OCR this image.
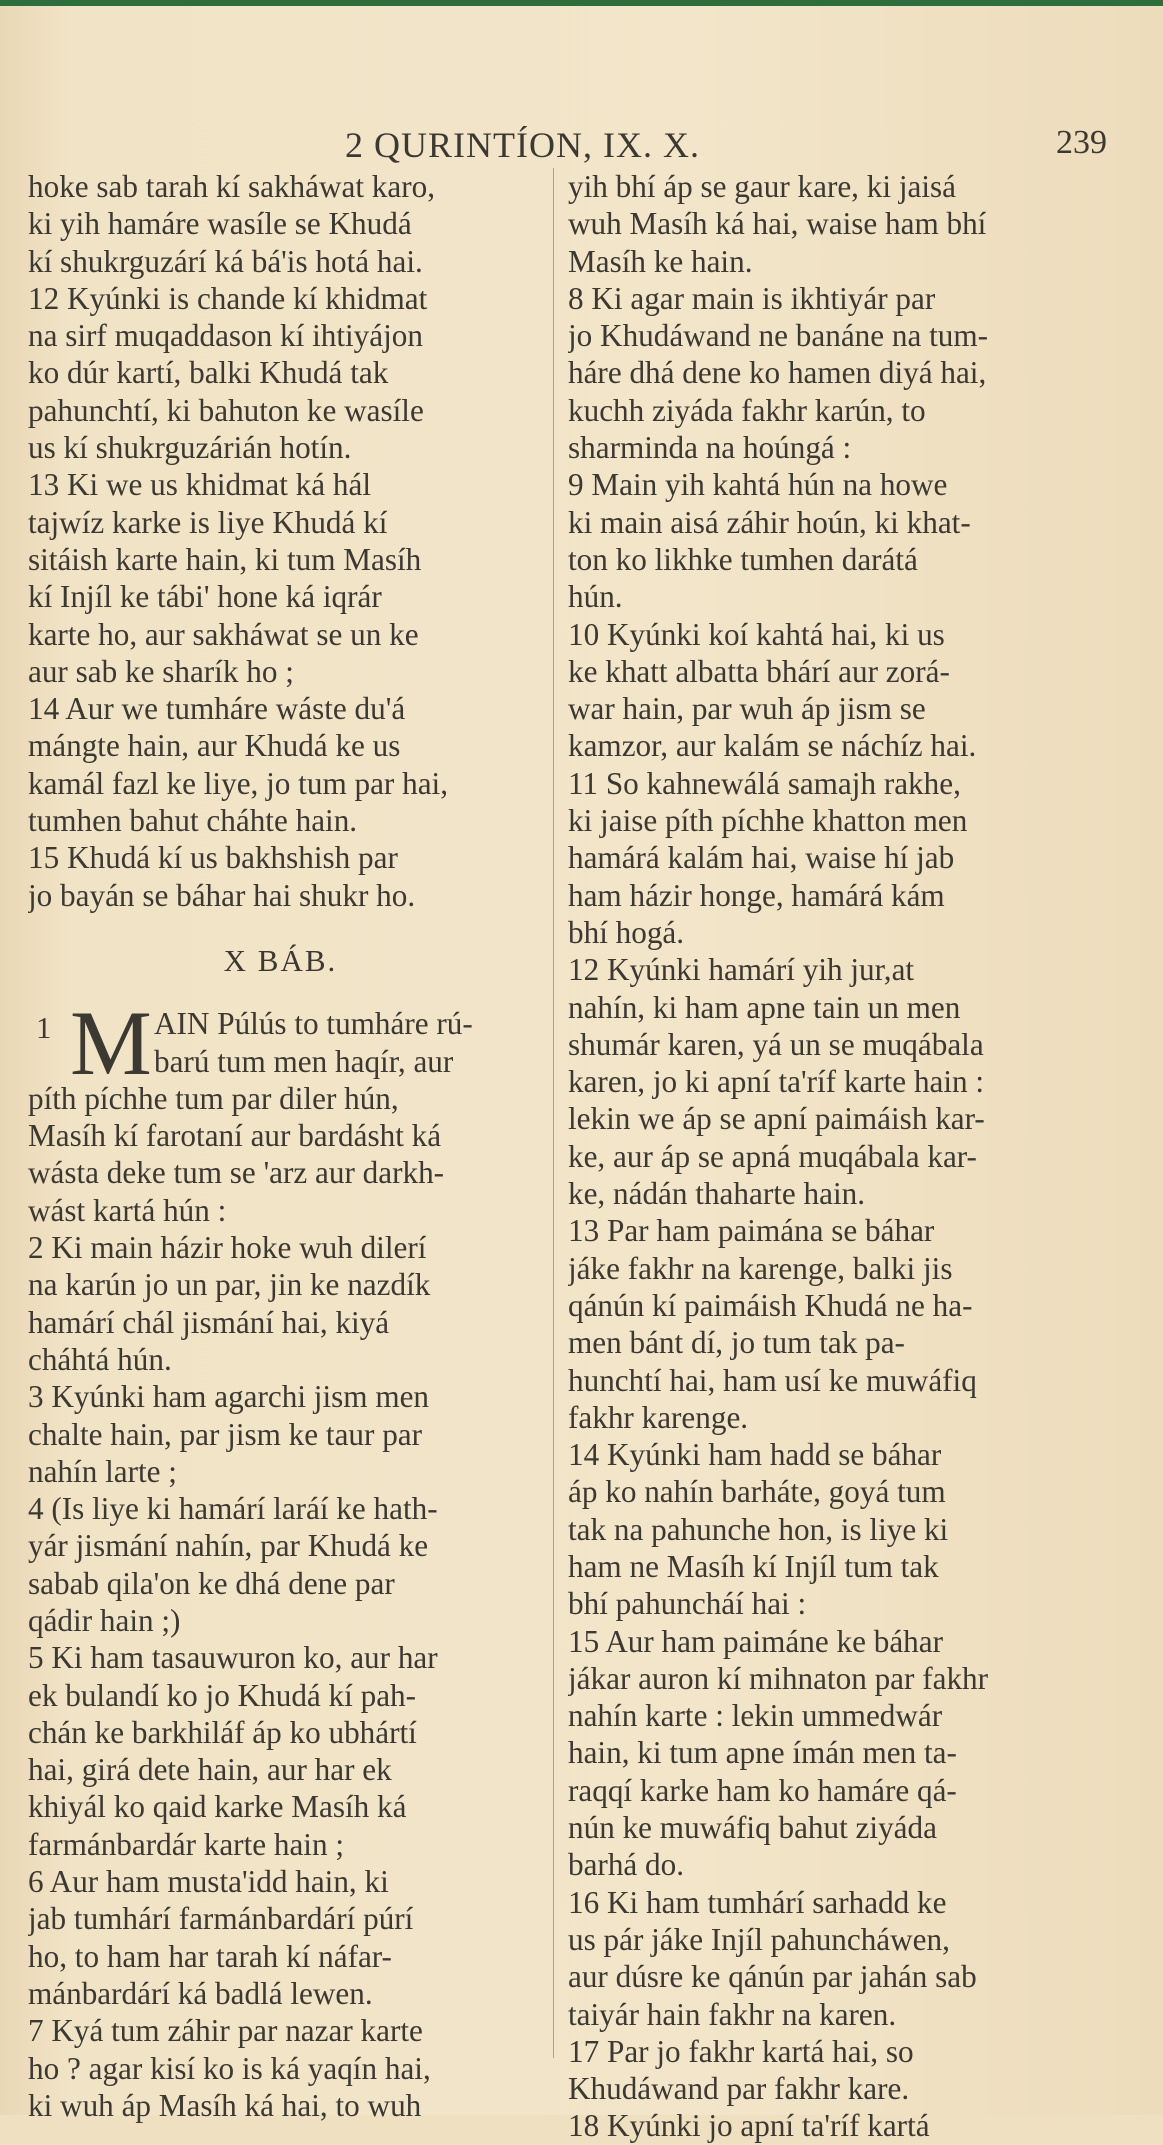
2 QURINTÍON, IX. X.	239
hoke sab tarah kí sakháwat karo,
ki yih hamáre wasíle se Khudá
kí shukrguzárí ká bá'is hotá hai.
12 Kyúnki is chande kí khidmat
na sirf muqaddason kí ihtiyájon
ko dúr kartí, balki Khudá tak
pahunchtí, ki bahuton ke wasíle
us kí shukrguzárián hotín.
13 Ki we us khidmat ká hál
tajwíz karke is liye Khudá kí
sitáish karte hain, ki tum Masíh
kí Injíl ke tábi' hone ká iqrár
karte ho, aur sakháwat se un ke
aur sab ke sharík ho ;
14 Aur we tumháre wáste du'á
mángte hain, aur Khudá ke us
kamál fazl ke liye, jo tum par hai,
tumhen bahut cháhte hain.
15 Khudá kí us bakhshish par
jo bayán se báhar hai shukr ho.
X BÁB.
1 M AIN Púlús to tumháre rú-
barú tum men haqír, aur
píth píchhe tum par diler hún,
Masíh kí farotaní aur bardásht ká
wásta deke tum se 'arz aur darkh-
wást kartá hún :
2 Ki main házir hoke wuh dilerí
na karún jo un par, jin ke nazdík
hamárí chál jismání hai, kiyá
cháhtá hún.
3 Kyúnki ham agarchi jism men
chalte hain, par jism ke taur par
nahín larte ;
4 (Is liye ki hamárí laráí ke hath-
yár jismání nahín, par Khudá ke
sabab qila'on ke dhá dene par
qádir hain ;)
5 Ki ham tasauwuron ko, aur har
ek bulandí ko jo Khudá kí pah-
chán ke barkhiláf áp ko ubhártí
hai, girá dete hain, aur har ek
khiyál ko qaid karke Masíh ká
farmánbardár karte hain ;
6 Aur ham musta'idd hain, ki
jab tumhárí farmánbardárí púrí
ho, to ham har tarah kí náfar-
mánbardárí ká badlá lewen.
7 Kyá tum záhir par nazar karte
ho ? agar kisí ko is ká yaqín hai,
ki wuh áp Masíh ká hai, to wuh
yih bhí áp se gaur kare, ki jaisá
wuh Masíh ká hai, waise ham bhí
Masíh ke hain.
8 Ki agar main is ikhtiyár par
jo Khudáwand ne banáne na tum-
háre dhá dene ko hamen diyá hai,
kuchh ziyáda fakhr karún, to
sharminda na hoúngá :
9 Main yih kahtá hún na howe
ki main aisá záhir hoún, ki khat-
ton ko likhke tumhen darátá
hún.
10 Kyúnki koí kahtá hai, ki us
ke khatt albatta bhárí aur zorá-
war hain, par wuh áp jism se
kamzor, aur kalám se náchíz hai.
11 So kahnewálá samajh rakhe,
ki jaise píth píchhe khatton men
hamárá kalám hai, waise hí jab
ham házir honge, hamárá kám
bhí hogá.
12 Kyúnki hamárí yih jur,at
nahín, ki ham apne tain un men
shumár karen, yá un se muqábala
karen, jo ki apní ta'ríf karte hain :
lekin we áp se apní paimáish kar-
ke, aur áp se apná muqábala kar-
ke, nádán thaharte hain.
13 Par ham paimána se báhar
jáke fakhr na karenge, balki jis
qánún kí paimáish Khudá ne ha-
men bánt dí, jo tum tak pa-
hunchtí hai, ham usí ke muwáfiq
fakhr karenge.
14 Kyúnki ham hadd se báhar
áp ko nahín barháte, goyá tum
tak na pahunche hon, is liye ki
ham ne Masíh kí Injíl tum tak
bhí pahuncháí hai :
15 Aur ham paimáne ke báhar
jákar auron kí mihnaton par fakhr
nahín karte : lekin ummedwár
hain, ki tum apne ímán men ta-
raqqí karke ham ko hamáre qá-
nún ke muwáfiq bahut ziyáda
barhá do.
16 Ki ham tumhárí sarhadd ke
us pár jáke Injíl pahuncháwen,
aur dúsre ke qánún par jahán sab
taiyár hain fakhr na karen.
17 Par jo fakhr kartá hai, so
Khudáwand par fakhr kare.
18 Kyúnki jo apní ta'ríf kartá
